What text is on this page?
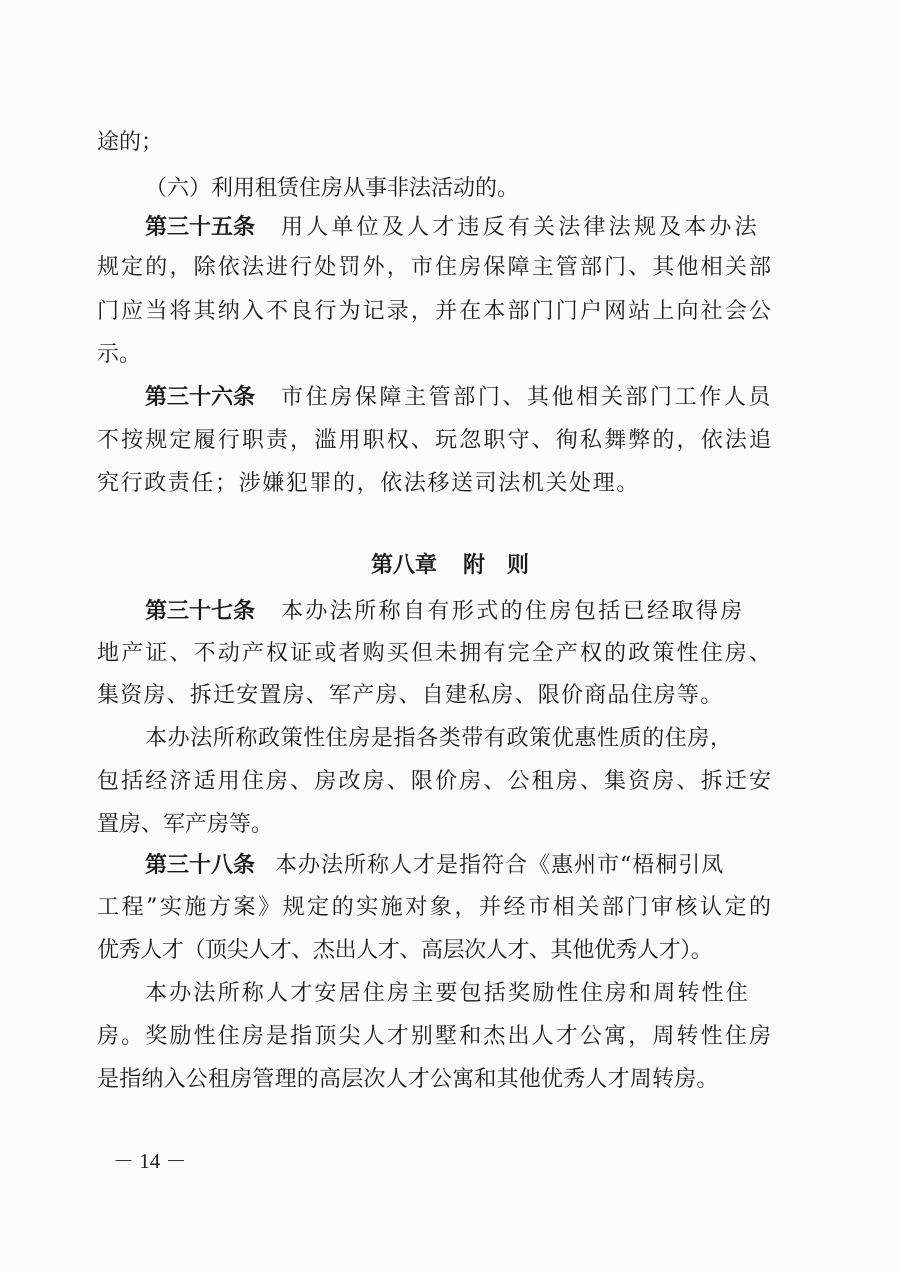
途的；
（六）利用租赁住房从事非法活动的。
第三十五条 用人单位及人才违反有关法律法规及本办法
规定的，除依法进行处罚外，市住房保障主管部门、其他相关部
门应当将其纳入不良行为记录，并在本部门门户网站上向社会公
示。
第三十六条 市住房保障主管部门、其他相关部门工作人员
不按规定履行职责，滥用职权、玩忽职守、徇私舞弊的，依法追
究行政责任；涉嫌犯罪的，依法移送司法机关处理。
第八章 附　则
第三十七条 本办法所称自有形式的住房包括已经取得房
地产证、不动产权证或者购买但未拥有完全产权的政策性住房、
集资房、拆迁安置房、军产房、自建私房、限价商品住房等。
本办法所称政策性住房是指各类带有政策优惠性质的住房，
包括经济适用住房、房改房、限价房、公租房、集资房、拆迁安
置房、军产房等。
第三十八条 本办法所称人才是指符合《惠州市“梧桐引凤
工程”实施方案》规定的实施对象，并经市相关部门审核认定的
优秀人才（顶尖人才、杰出人才、高层次人才、其他优秀人才）。
本办法所称人才安居住房主要包括奖励性住房和周转性住
房。奖励性住房是指顶尖人才别墅和杰出人才公寓，周转性住房
是指纳入公租房管理的高层次人才公寓和其他优秀人才周转房。
－ 14 －
